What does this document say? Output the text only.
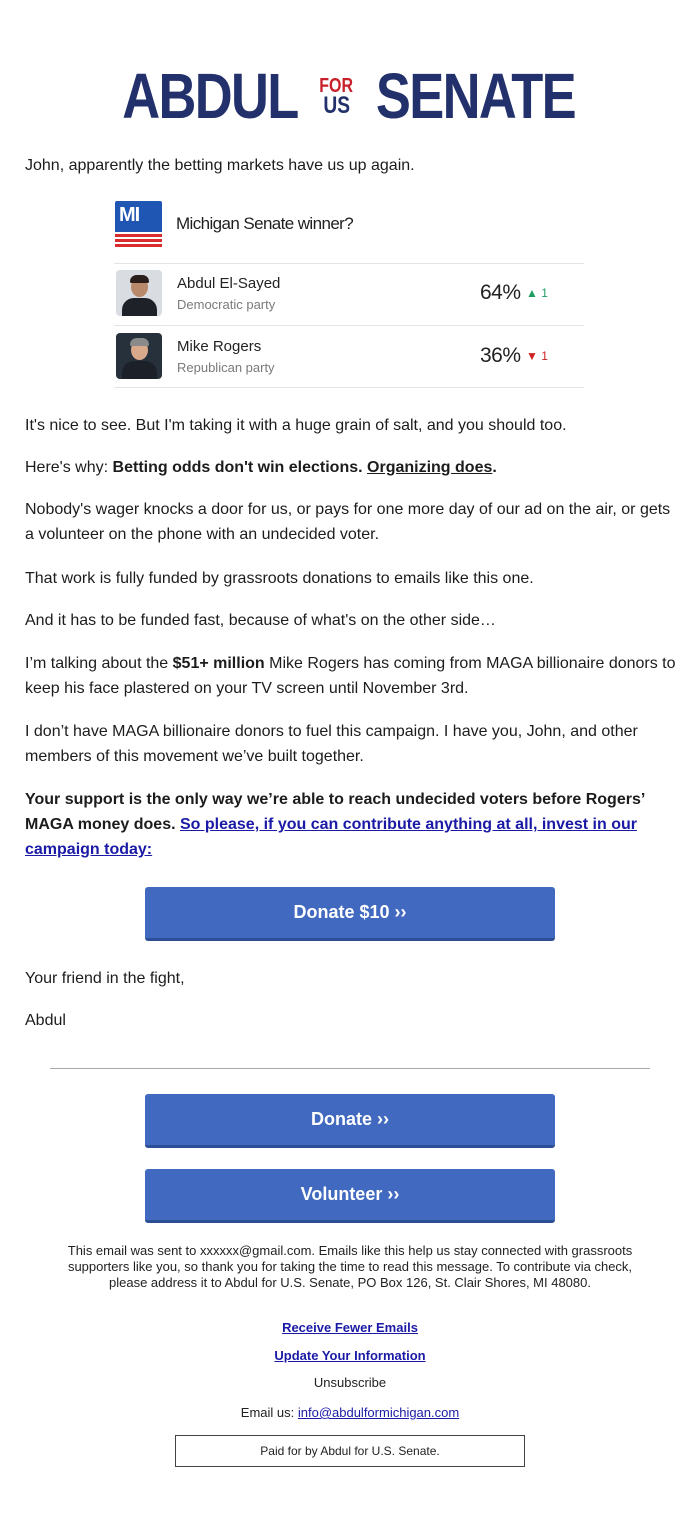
ABDUL FOR
US SENATE
John, apparently the betting markets have us up again.
MI	Michigan Senate winner?
Abdul El-Sayed
Democratic party
64% ▲ 1
Mike Rogers
Republican party
36% ▼ 1
It's nice to see. But I'm taking it with a huge grain of salt, and you should too.
Here's why: Betting odds don't win elections. Organizing does.
Nobody's wager knocks a door for us, or pays for one more day of our ad on the air, or gets a volunteer on the phone with an undecided voter.
That work is fully funded by grassroots donations to emails like this one.
And it has to be funded fast, because of what's on the other side…
I’m talking about the $51+ million Mike Rogers has coming from MAGA billionaire donors to keep his face plastered on your TV screen until November 3rd.
I don’t have MAGA billionaire donors to fuel this campaign. I have you, John, and other members of this movement we’ve built together.
Your support is the only way we’re able to reach undecided voters before Rogers’ MAGA money does. So please, if you can contribute anything at all, invest in our campaign today:
Donate $10 ››
Your friend in the fight,
Abdul
Donate ››
Volunteer ››
This email was sent to xxxxxx@gmail.com. Emails like this help us stay connected with grassroots supporters like you, so thank you for taking the time to read this message. To contribute via check, please address it to Abdul for U.S. Senate, PO Box 126, St. Clair Shores, MI 48080.
Receive Fewer Emails
Update Your Information
Unsubscribe
Email us: info@abdulformichigan.com
Paid for by Abdul for U.S. Senate.
